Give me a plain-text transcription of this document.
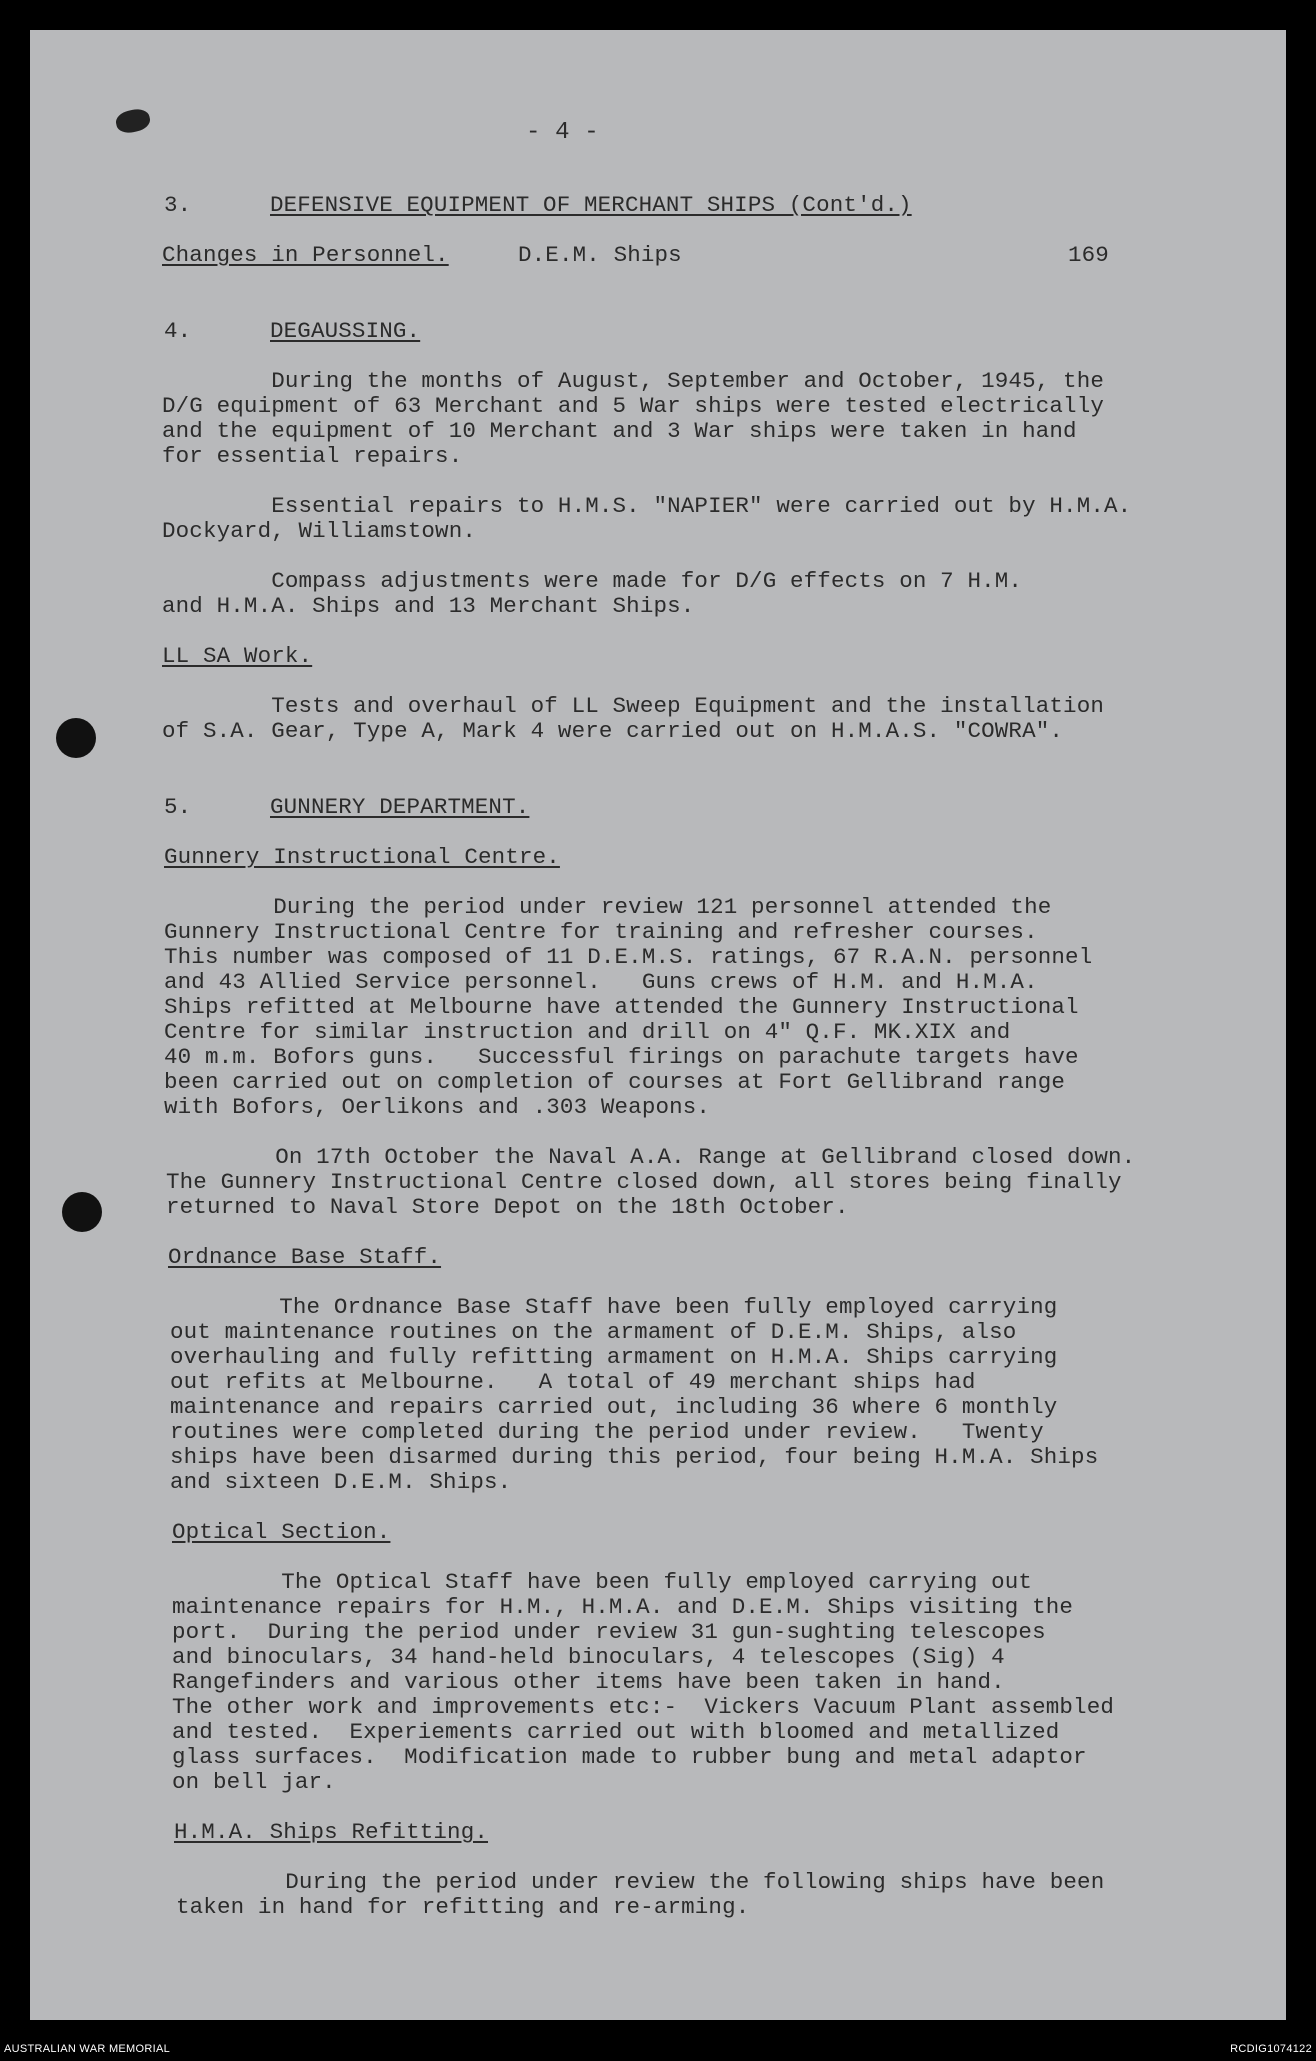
- 4 -
3.	DEFENSIVE EQUIPMENT OF MERCHANT SHIPS (Cont'd.)
Changes in Personnel.	D.E.M. Ships	169
4.	DEGAUSSING.
During the months of August, September and October, 1945, the
D/G equipment of 63 Merchant and 5 War ships were tested electrically
and the equipment of 10 Merchant and 3 War ships were taken in hand
for essential repairs.
Essential repairs to H.M.S. "NAPIER" were carried out by H.M.A.
Dockyard, Williamstown.
Compass adjustments were made for D/G effects on 7 H.M.
and H.M.A. Ships and 13 Merchant Ships.
LL SA Work.
Tests and overhaul of LL Sweep Equipment and the installation
of S.A. Gear, Type A, Mark 4 were carried out on H.M.A.S. "COWRA".
5.	GUNNERY DEPARTMENT.
Gunnery Instructional Centre.
During the period under review 121 personnel attended the
Gunnery Instructional Centre for training and refresher courses.
This number was composed of 11 D.E.M.S. ratings, 67 R.A.N. personnel
and 43 Allied Service personnel.   Guns crews of H.M. and H.M.A.
Ships refitted at Melbourne have attended the Gunnery Instructional
Centre for similar instruction and drill on 4" Q.F. MK.XIX and
40 m.m. Bofors guns.   Successful firings on parachute targets have
been carried out on completion of courses at Fort Gellibrand range
with Bofors, Oerlikons and .303 Weapons.
On 17th October the Naval A.A. Range at Gellibrand closed down.
The Gunnery Instructional Centre closed down, all stores being finally
returned to Naval Store Depot on the 18th October.
Ordnance Base Staff.
The Ordnance Base Staff have been fully employed carrying
out maintenance routines on the armament of D.E.M. Ships, also
overhauling and fully refitting armament on H.M.A. Ships carrying
out refits at Melbourne.   A total of 49 merchant ships had
maintenance and repairs carried out, including 36 where 6 monthly
routines were completed during the period under review.   Twenty
ships have been disarmed during this period, four being H.M.A. Ships
and sixteen D.E.M. Ships.
Optical Section.
The Optical Staff have been fully employed carrying out
maintenance repairs for H.M., H.M.A. and D.E.M. Ships visiting the
port.  During the period under review 31 gun-sughting telescopes
and binoculars, 34 hand-held binoculars, 4 telescopes (Sig) 4
Rangefinders and various other items have been taken in hand.
The other work and improvements etc:-  Vickers Vacuum Plant assembled
and tested.  Experiements carried out with bloomed and metallized
glass surfaces.  Modification made to rubber bung and metal adaptor
on bell jar.
H.M.A. Ships Refitting.
During the period under review the following ships have been
taken in hand for refitting and re-arming.
AUSTRALIAN WAR MEMORIAL	RCDIG1074122
